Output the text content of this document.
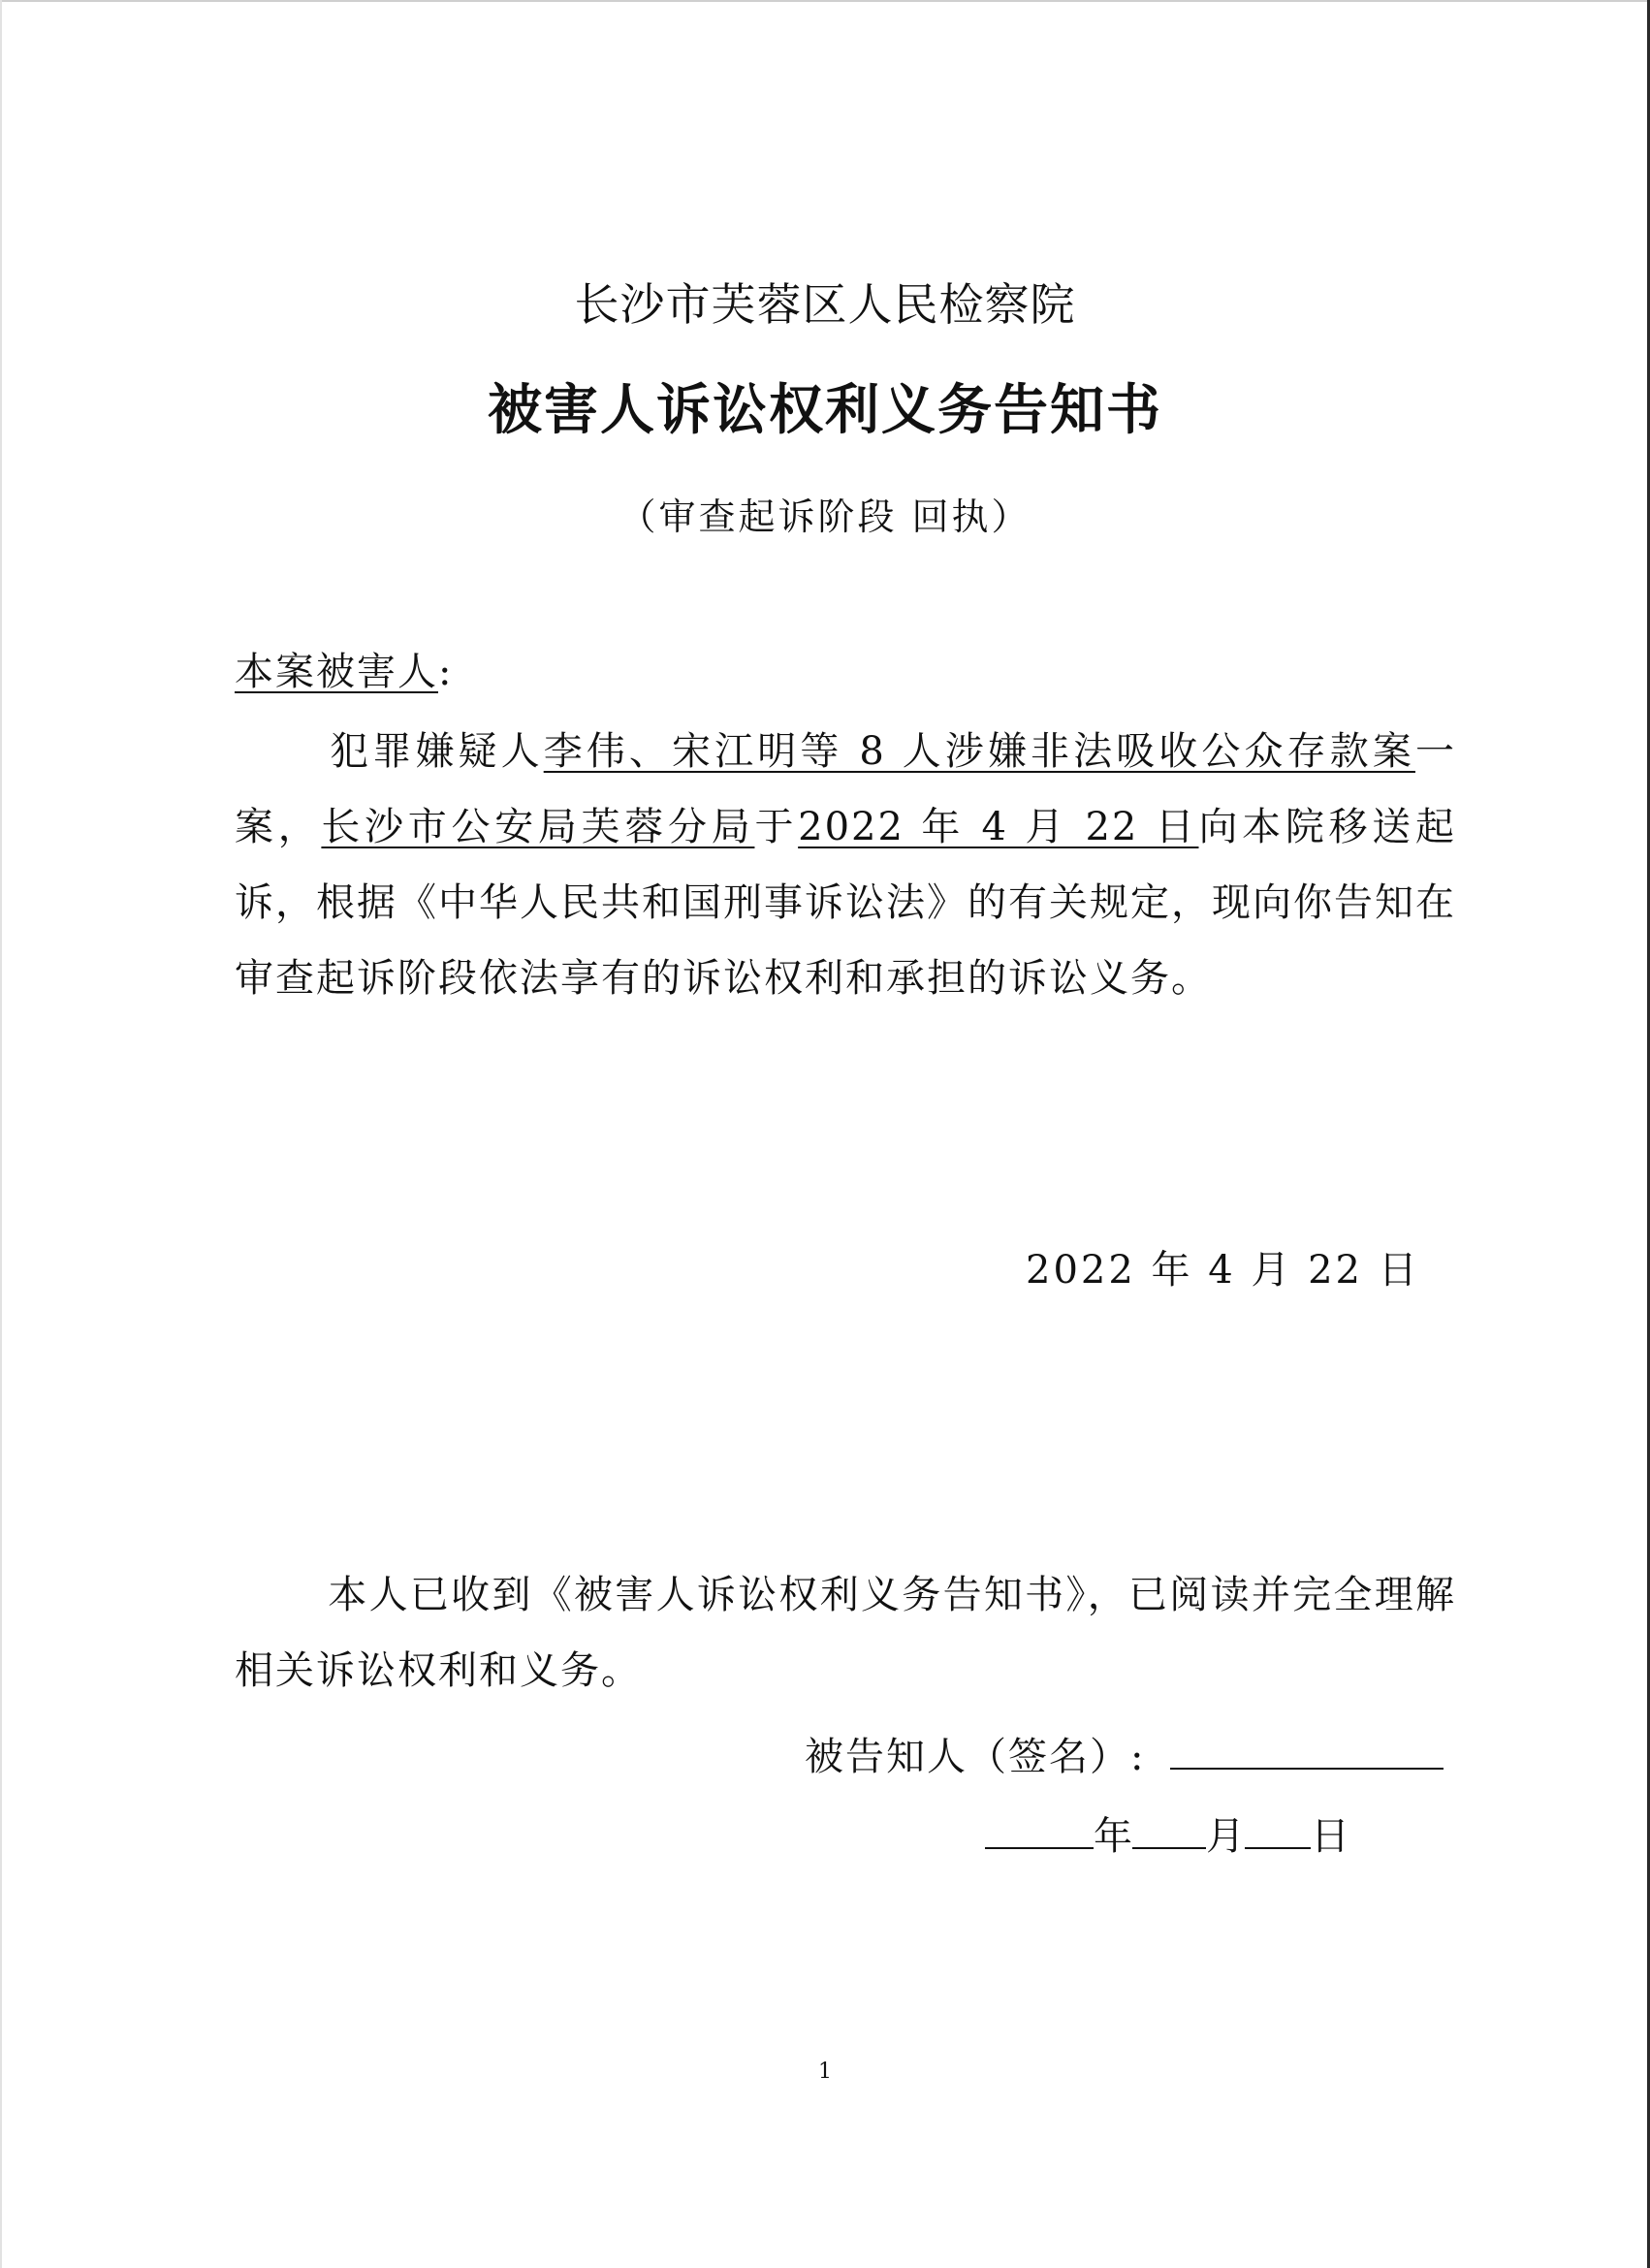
长沙市芙蓉区人民检察院
被害人诉讼权利义务告知书
（审查起诉阶段 回执）
本案被害人:
犯罪嫌疑人李伟、宋江明等 8 人涉嫌非法吸收公众存款案一案，长沙市公安局芙蓉分局于2022 年 4 月 22 日向本院移送起诉，根据《中华人民共和国刑事诉讼法》的有关规定，现向你告知在审查起诉阶段依法享有的诉讼权利和承担的诉讼义务。
2022 年 4 月 22 日
本人已收到《被害人诉讼权利义务告知书》，已阅读并完全理解相关诉讼权利和义务。
被告知人（签名）:
年 月 日
1
